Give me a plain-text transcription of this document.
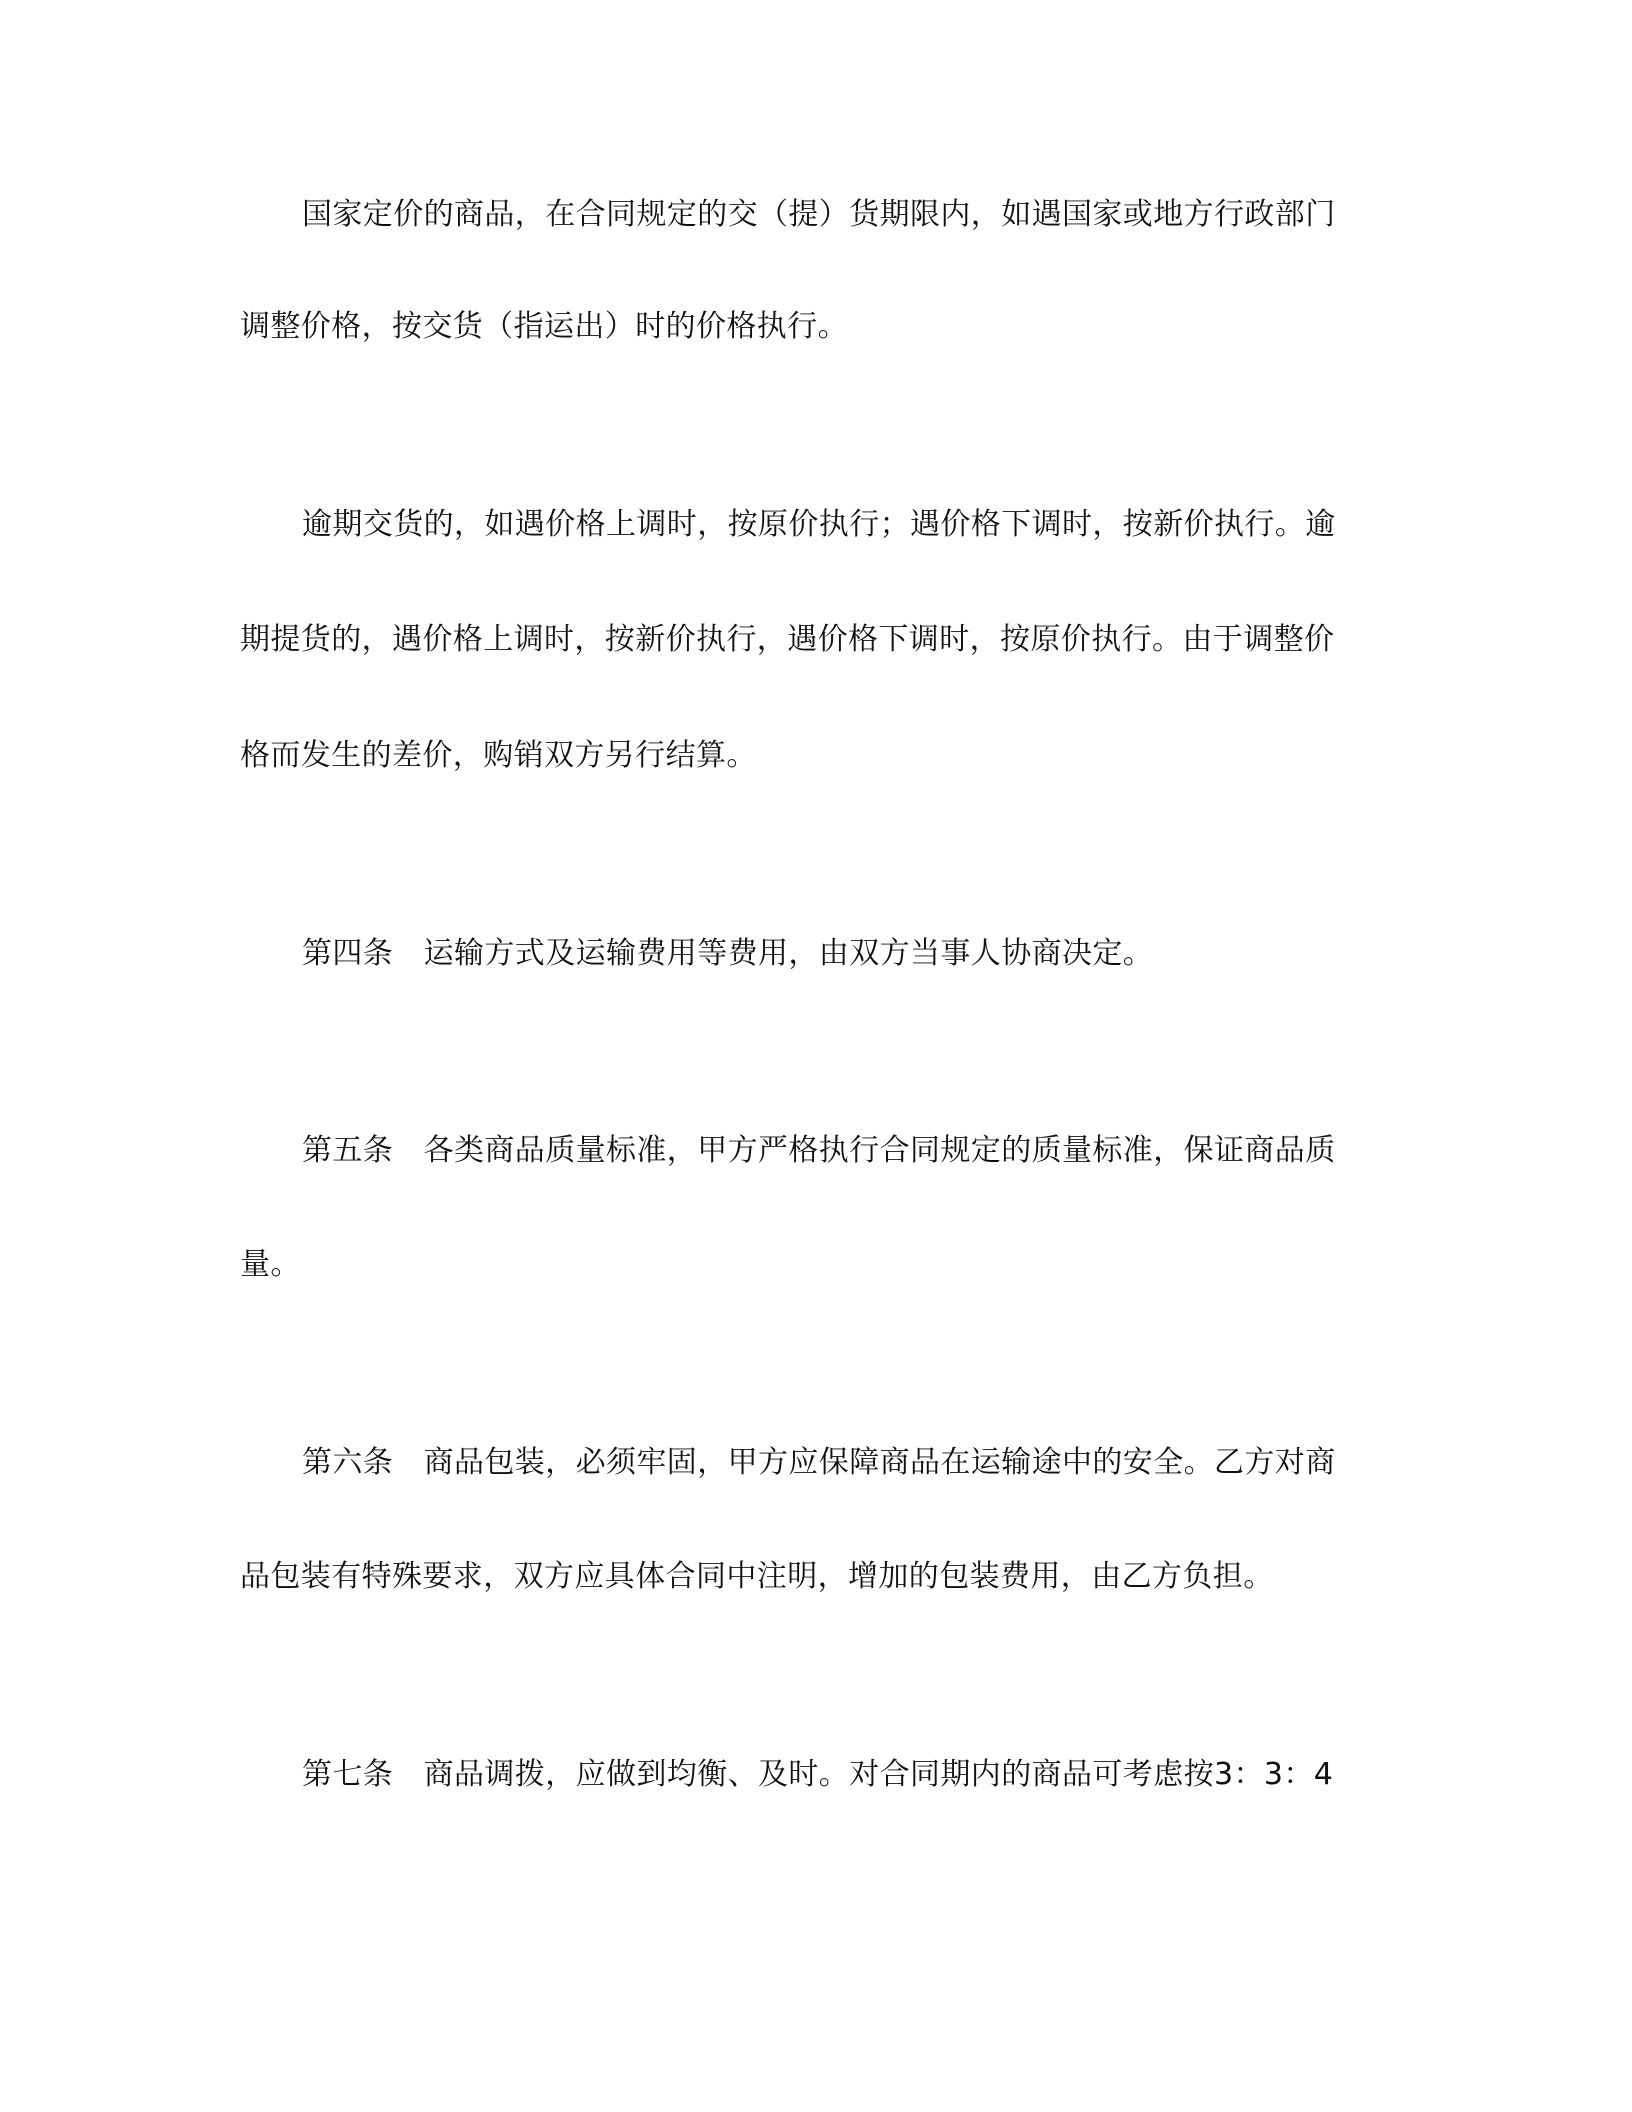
国家定价的商品，在合同规定的交（提）货期限内，如遇国家或地方行政部门
调整价格，按交货（指运出）时的价格执行。
逾期交货的，如遇价格上调时，按原价执行；遇价格下调时，按新价执行。逾
期提货的，遇价格上调时，按新价执行，遇价格下调时，按原价执行。由于调整价
格而发生的差价，购销双方另行结算。
第四条　运输方式及运输费用等费用，由双方当事人协商决定。
第五条　各类商品质量标准，甲方严格执行合同规定的质量标准，保证商品质
量。
第六条　商品包装，必须牢固，甲方应保障商品在运输途中的安全。乙方对商
品包装有特殊要求，双方应具体合同中注明，增加的包装费用，由乙方负担。
第七条　商品调拨，应做到均衡、及时。对合同期内的商品可考虑按3：3：4
